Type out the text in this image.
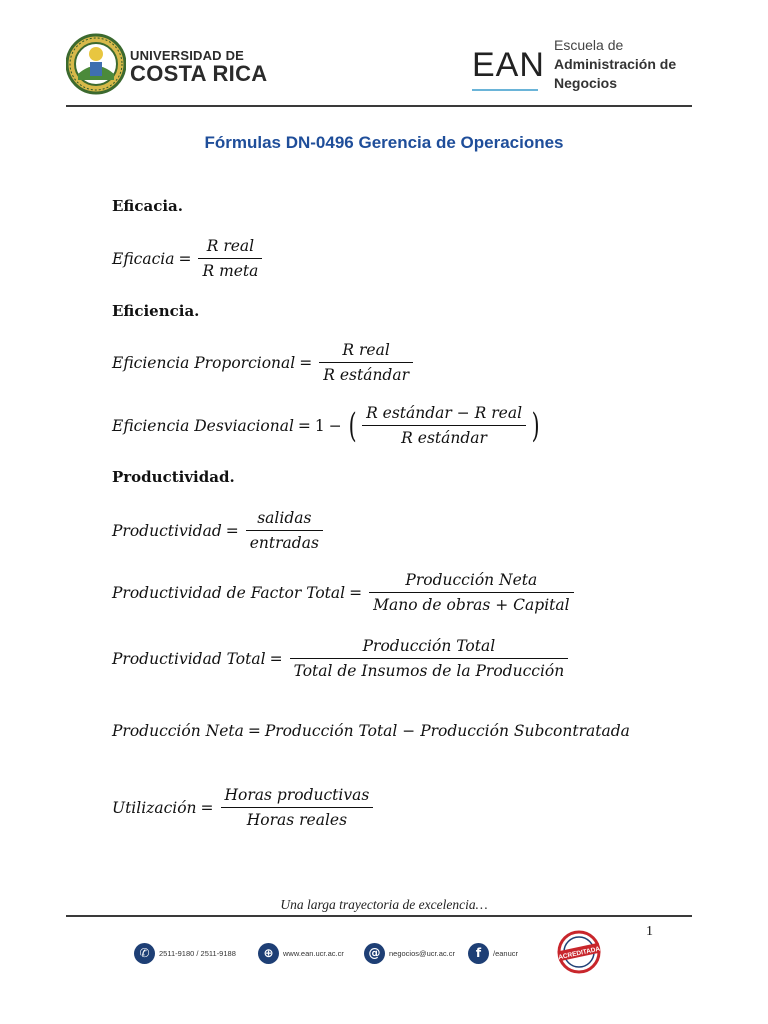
UNIVERSIDAD DE
COSTA RICA	EAN
Escuela de
Administración de
Negocios
Fórmulas DN-0496 Gerencia de Operaciones
Eficacia.
Eficacia = $\frac{\text{R real}}{\text{R meta}}$
Eficiencia.
Eficiencia Proporcional = $\frac{\text{R real}}{\text{R estándar}}$
Eficiencia Desviacional = 1 − ( $\frac{\text{R estándar − R real}}{\text{R estándar}}$ )
Productividad.
Productividad = $\frac{\text{salidas}}{\text{entradas}}$
Productividad de Factor Total = $\frac{\text{Producción Neta}}{\text{Mano de obras + Capital}}$
Productividad Total = $\frac{\text{Producción Total}}{\text{Total de Insumos de la Producción}}$
Producción Neta = Producción Total − Producción Subcontratada
Utilización = $\frac{\text{Horas productivas}}{\text{Horas reales}}$
Una larga trayectoria de excelencia…
1
✆	2511-9180 / 2511-9188	⊕	www.ean.ucr.ac.cr	@	negocios@ucr.ac.cr	f	/eanucr	ACREDITADA
